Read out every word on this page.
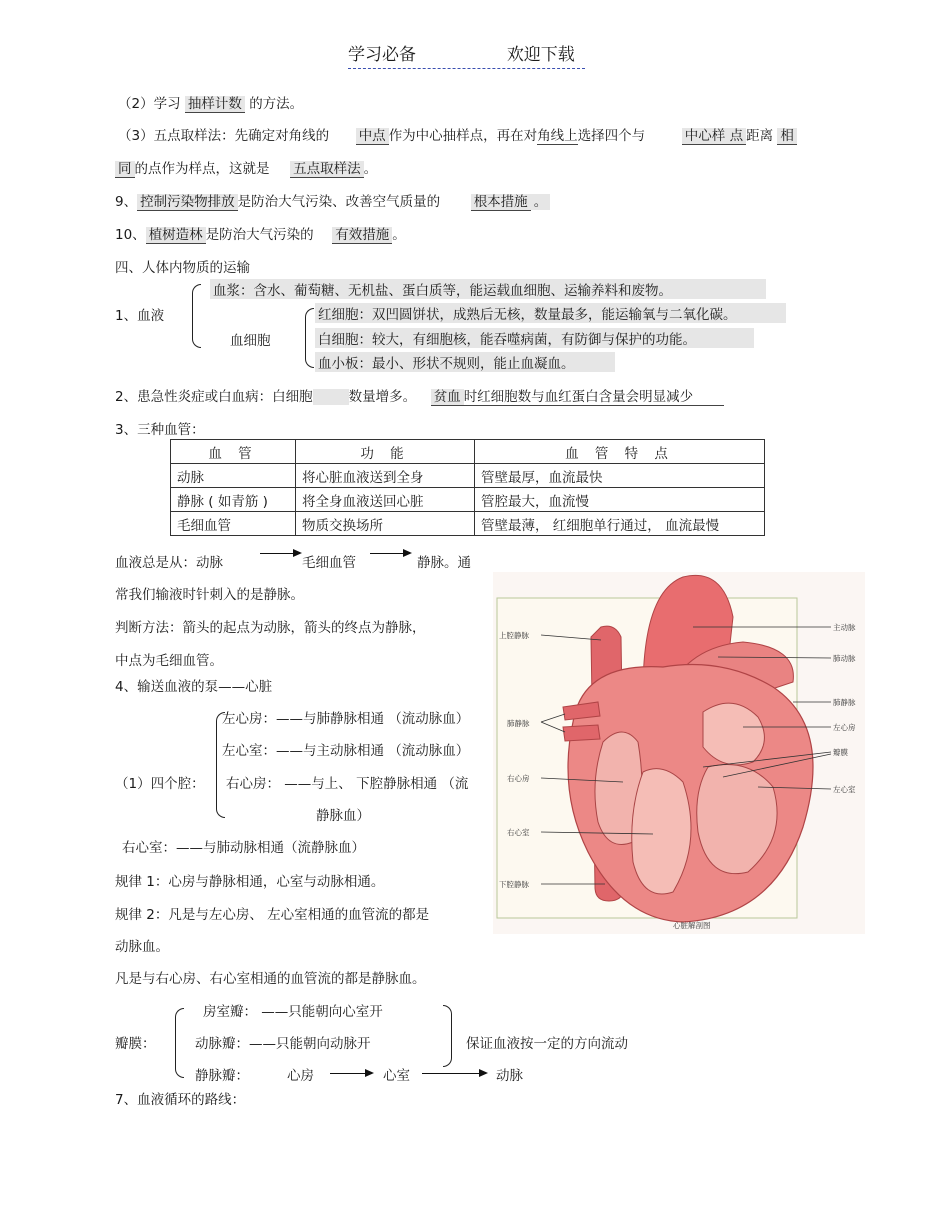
学习必备	欢迎下载
（2）学习 抽样计数 的方法。
（3）五点取样法：先确定对角线的 中点 作为中心抽样点，再在对角线上选择四个与	中心样 点 距离 相
同 的点作为样点，这就是 五点取样法 。
9、 控制污染物排放 是防治大气污染、改善空气质量的 根本措施 。
10、 植树造林 是防治大气污染的 有效措施 。
四、人体内物质的运输
1、血液
血浆：含水、葡萄糖、无机盐、蛋白质等，能运载血细胞、运输养料和废物。
血细胞
红细胞：双凹圆饼状，成熟后无核，数量最多，能运输氧与二氧化碳。
白细胞：较大，有细胞核，能吞噬病菌，有防御与保护的功能。
血小板：最小、形状不规则，能止血凝血。
2、患急性炎症或白血病：白细胞	数量增多。 贫血 时红细胞数与血红蛋白含量会明显减少
3、三种血管：
血 管	功 能	血 管 特 点
动脉	将心脏血液送到全身	管壁最厚，血流最快
静脉 ( 如青筋 )	将全身血液送回心脏	管腔最大，血流慢
毛细血管	物质交换场所	管壁最薄， 红细胞单行通过， 血流最慢
血液总是从：动脉	毛细血管	静脉。通
常我们输液时针刺入的是静脉。
判断方法：箭头的起点为动脉，箭头的终点为静脉，
中点为毛细血管。
4、输送血液的泵——心脏
左心房：——与肺静脉相通 （流动脉血）
左心室：——与主动脉相通 （流动脉血）
（1）四个腔： 右心房： ——与上、 下腔静脉相通 （流
静脉血）
右心室：——与肺动脉相通（流静脉血）
规律 1：心房与静脉相通，心室与动脉相通。
规律 2：凡是与左心房、 左心室相通的血管流的都是
动脉血。
凡是与右心房、右心室相通的血管流的都是静脉血。
上腔静脉
肺静脉
右心房
右心室
下腔静脉
主动脉
肺动脉
肺静脉
左心房
瓣膜
左心室
心脏解剖图
瓣膜：
房室瓣： ——只能朝向心室开
动脉瓣：——只能朝向动脉开
静脉瓣：	心房	心室	动脉
保证血液按一定的方向流动
7、血液循环的路线：
